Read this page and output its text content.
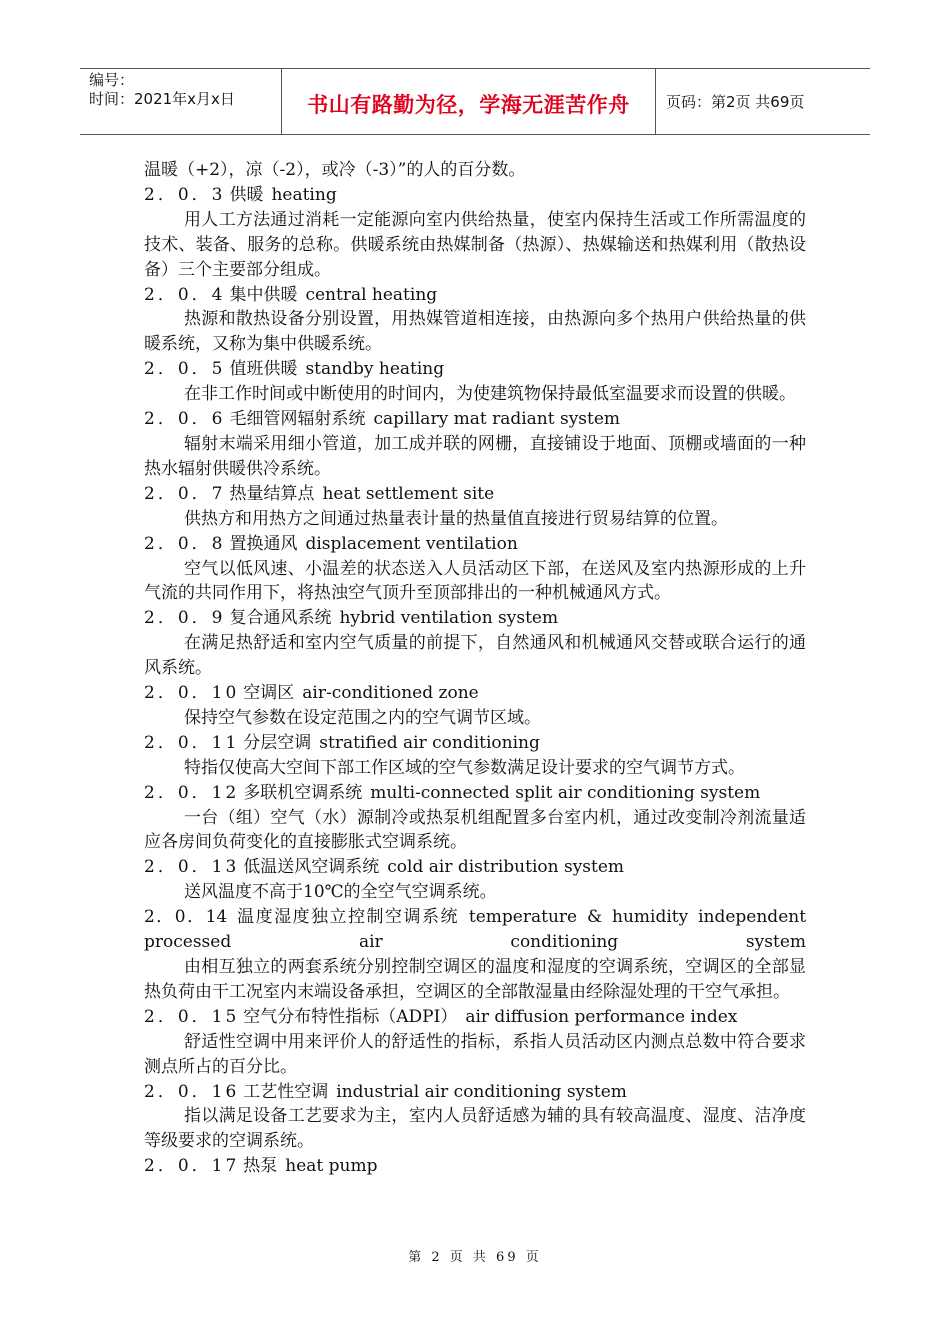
编号：
时间：2021年x月x日	书山有路勤为径，学海无涯苦作舟	页码：第2页 共69页

温暖（+2），凉（-2），或冷（-3）”的人的百分数。

2．0．3 供暖 heating

用人工方法通过消耗一定能源向室内供给热量，使室内保持生活或工作所需温度的技术、装备、服务的总称。供暖系统由热媒制备（热源）、热媒输送和热媒利用（散热设备）三个主要部分组成。

2．0．4 集中供暖 central heating

热源和散热设备分别设置，用热媒管道相连接，由热源向多个热用户供给热量的供暖系统，又称为集中供暖系统。

2．0．5 值班供暖 standby heating

在非工作时间或中断使用的时间内，为使建筑物保持最低室温要求而设置的供暖。

2．0．6 毛细管网辐射系统 capillary mat radiant system

辐射末端采用细小管道，加工成并联的网栅，直接铺设于地面、顶棚或墙面的一种热水辐射供暖供冷系统。

2．0．7 热量结算点 heat settlement site

供热方和用热方之间通过热量表计量的热量值直接进行贸易结算的位置。

2．0．8 置换通风 displacement ventilation

空气以低风速、小温差的状态送入人员活动区下部，在送风及室内热源形成的上升气流的共同作用下，将热浊空气顶升至顶部排出的一种机械通风方式。

2．0．9 复合通风系统 hybrid ventilation system

在满足热舒适和室内空气质量的前提下，自然通风和机械通风交替或联合运行的通风系统。

2．0．10 空调区 air-conditioned zone

保持空气参数在设定范围之内的空气调节区域。

2．0．11 分层空调 stratified air conditioning

特指仅使高大空间下部工作区域的空气参数满足设计要求的空气调节方式。

2．0．12 多联机空调系统 multi-connected split air conditioning system

一台（组）空气（水）源制冷或热泵机组配置多台室内机，通过改变制冷剂流量适应各房间负荷变化的直接膨胀式空调系统。

2．0．13 低温送风空调系统 cold air distribution system

送风温度不高于10℃的全空气空调系统。

2．0．14 温度湿度独立控制空调系统 temperature & humidity independent processed air conditioning system

由相互独立的两套系统分别控制空调区的温度和湿度的空调系统，空调区的全部显热负荷由干工况室内末端设备承担，空调区的全部散湿量由经除湿处理的干空气承担。

2．0．15 空气分布特性指标（ADPI） air diffusion performance index

舒适性空调中用来评价人的舒适性的指标，系指人员活动区内测点总数中符合要求测点所占的百分比。

2．0．16 工艺性空调 industrial air conditioning system

指以满足设备工艺要求为主，室内人员舒适感为辅的具有较高温度、湿度、洁净度等级要求的空调系统。

2．0．17 热泵 heat pump

第 2 页 共 69 页
